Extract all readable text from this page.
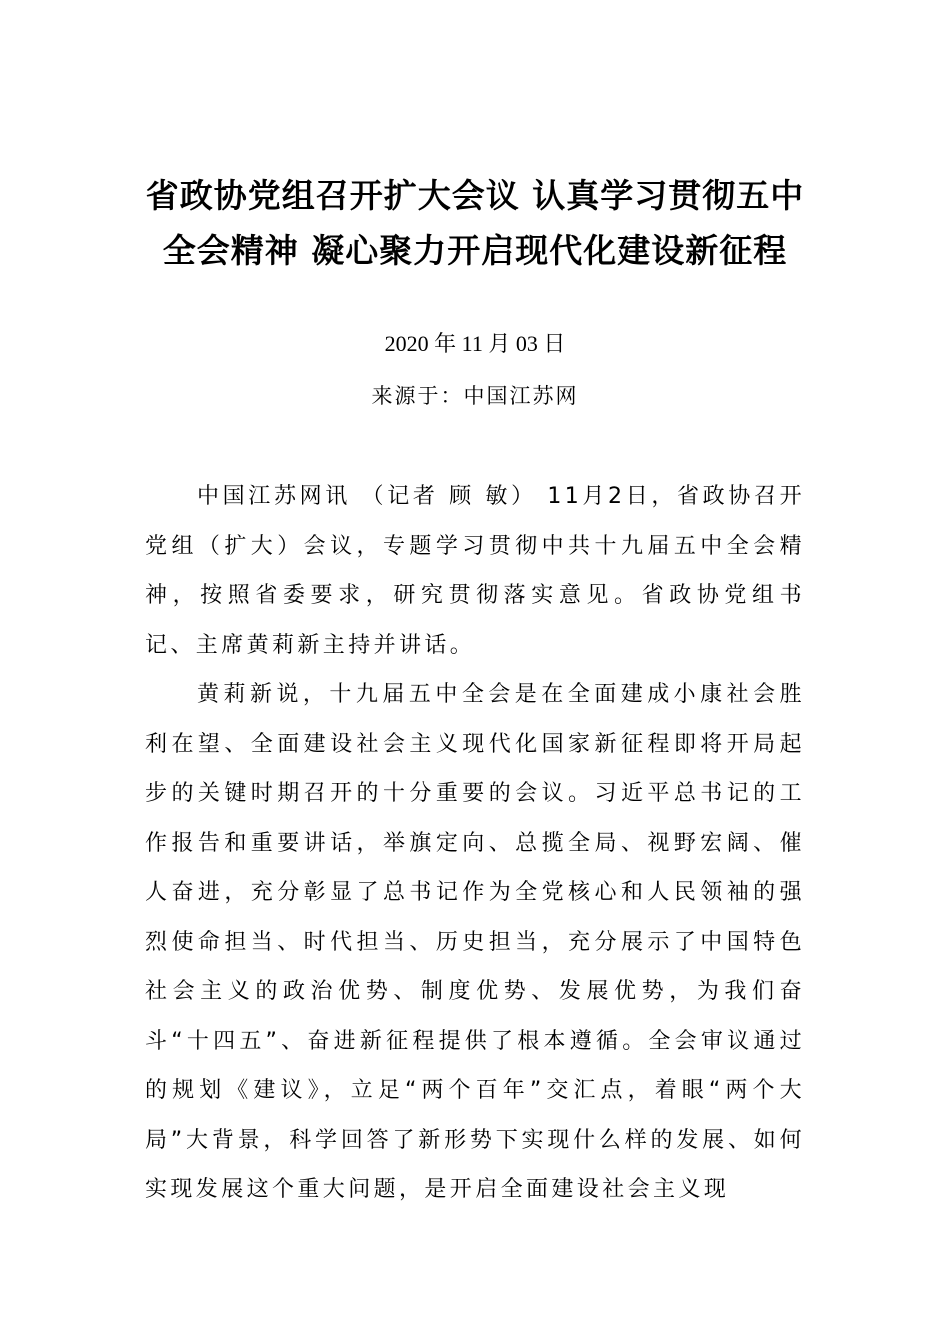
省政协党组召开扩大会议 认真学习贯彻五中全会精神 凝心聚力开启现代化建设新征程
2020 年 11 月 03 日
来源于：中国江苏网

中国江苏网讯 （记者 顾 敏） 11月2日，省政协召开党组（扩大）会议，专题学习贯彻中共十九届五中全会精神，按照省委要求，研究贯彻落实意见。省政协党组书记、主席黄莉新主持并讲话。

黄莉新说，十九届五中全会是在全面建成小康社会胜利在望、全面建设社会主义现代化国家新征程即将开局起步的关键时期召开的十分重要的会议。习近平总书记的工作报告和重要讲话，举旗定向、总揽全局、视野宏阔、催人奋进，充分彰显了总书记作为全党核心和人民领袖的强烈使命担当、时代担当、历史担当，充分展示了中国特色社会主义的政治优势、制度优势、发展优势，为我们奋斗“十四五”、奋进新征程提供了根本遵循。全会审议通过的规划《建议》，立足“两个百年”交汇点，着眼“两个大局”大背景，科学回答了新形势下实现什么样的发展、如何实现发展这个重大问题，是开启全面建设社会主义现
